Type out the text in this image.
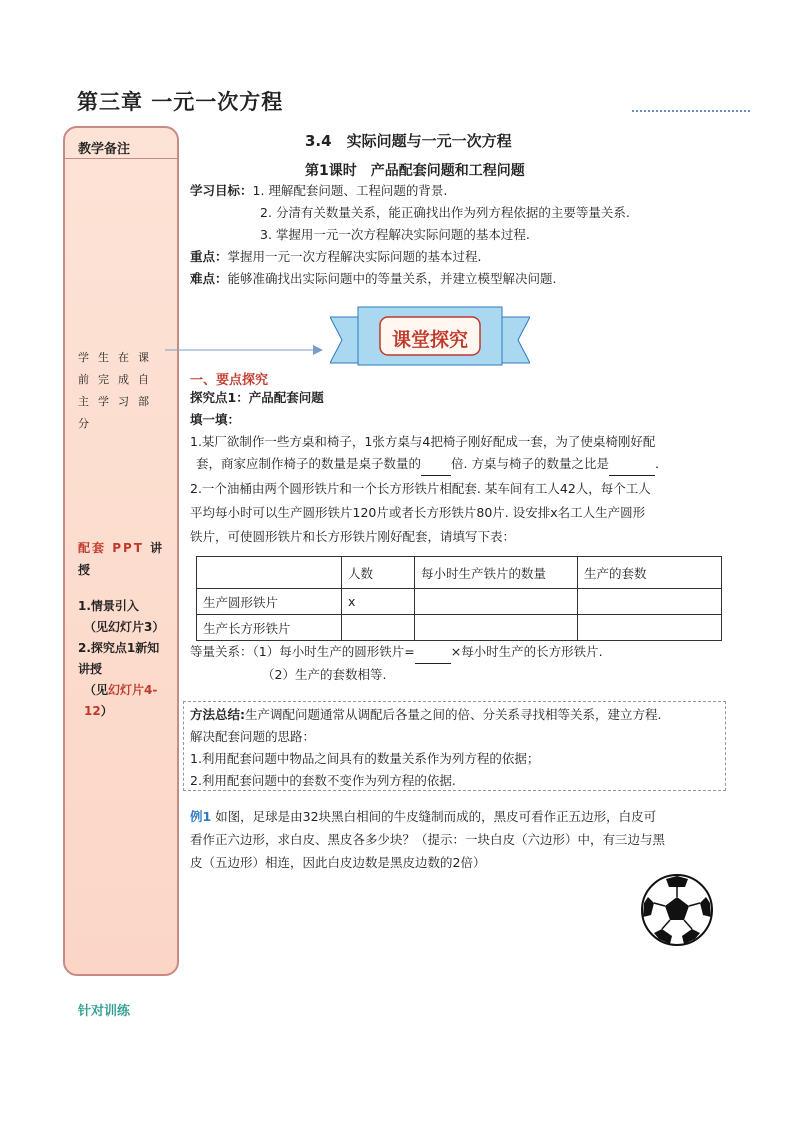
第三章 一元一次方程
教学备注
学生在课前完成自主学习部分
配套 PPT 讲授
1.情景引入
（见幻灯片3）
2.探究点1新知讲授
（见幻灯片4-12）
3.4　实际问题与一元一次方程
第1课时　产品配套问题和工程问题
学习目标：1. 理解配套问题、工程问题的背景.
2. 分清有关数量关系，能正确找出作为列方程依据的主要等量关系.
3. 掌握用一元一次方程解决实际问题的基本过程.
重点：掌握用一元一次方程解决实际问题的基本过程.
难点：能够准确找出实际问题中的等量关系，并建立模型解决问题.
课堂探究
一、要点探究
探究点1：产品配套问题
填一填：
1.某厂欲制作一些方桌和椅子，1张方桌与4把椅子刚好配成一套，为了使桌椅刚好配
套，商家应制作椅子的数量是桌子数量的 倍. 方桌与椅子的数量之比是	.
2.一个油桶由两个圆形铁片和一个长方形铁片相配套. 某车间有工人42人，每个工人
平均每小时可以生产圆形铁片120片或者长方形铁片80片. 设安排x名工人生产圆形
铁片，可使圆形铁片和长方形铁片刚好配套，请填写下表：
	人数	每小时生产铁片的数量	生产的套数
生产圆形铁片	x		
生产长方形铁片			
等量关系：（1）每小时生产的圆形铁片=	×每小时生产的长方形铁片.
（2）生产的套数相等.
方法总结:生产调配问题通常从调配后各量之间的倍、分关系寻找相等关系，建立方程.
解决配套问题的思路：
1.利用配套问题中物品之间具有的数量关系作为列方程的依据；
2.利用配套问题中的套数不变作为列方程的依据.
例1 如图，足球是由32块黑白相间的牛皮缝制而成的，黑皮可看作正五边形，白皮可
看作正六边形，求白皮、黑皮各多少块？（提示：一块白皮（六边形）中，有三边与黑
皮（五边形）相连，因此白皮边数是黑皮边数的2倍）
针对训练
